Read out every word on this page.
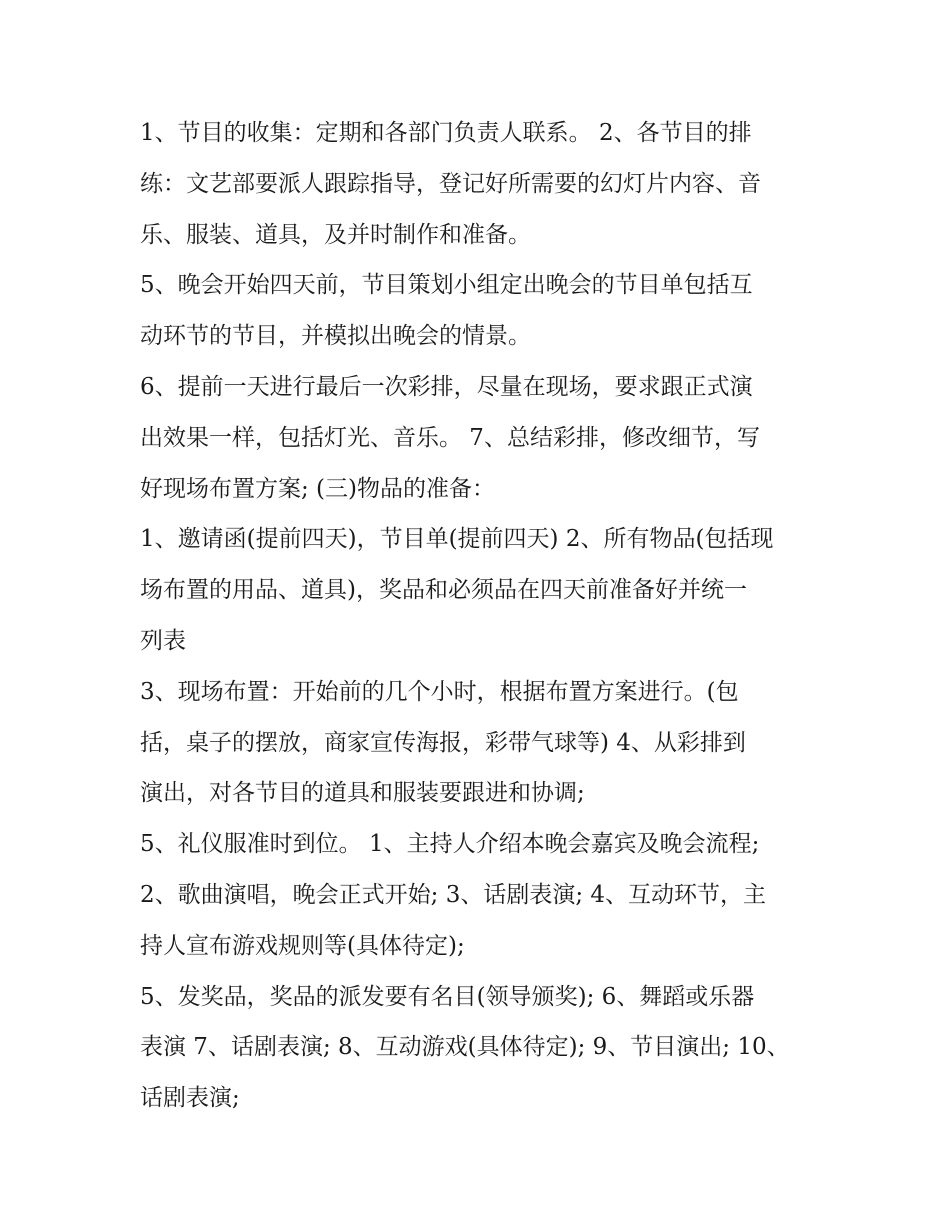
1、节目的收集：定期和各部门负责人联系。 2、各节目的排
练：文艺部要派人跟踪指导，登记好所需要的幻灯片内容、音
乐、服装、道具，及并时制作和准备。
5、晚会开始四天前，节目策划小组定出晚会的节目单包括互
动环节的节目，并模拟出晚会的情景。
6、提前一天进行最后一次彩排，尽量在现场，要求跟正式演
出效果一样，包括灯光、音乐。 7、总结彩排，修改细节，写
好现场布置方案; (三)物品的准备：
1、邀请函(提前四天)，节目单(提前四天) 2、所有物品(包括现
场布置的用品、道具)，奖品和必须品在四天前准备好并统一
列表
3、现场布置：开始前的几个小时，根据布置方案进行。(包
括，桌子的摆放，商家宣传海报，彩带气球等) 4、从彩排到
演出，对各节目的道具和服装要跟进和协调;
5、礼仪服准时到位。 1、主持人介绍本晚会嘉宾及晚会流程;
2、歌曲演唱，晚会正式开始; 3、话剧表演; 4、互动环节，主
持人宣布游戏规则等(具体待定);
5、发奖品，奖品的派发要有名目(领导颁奖); 6、舞蹈或乐器
表演 7、话剧表演; 8、互动游戏(具体待定); 9、节目演出; 10、
话剧表演;
